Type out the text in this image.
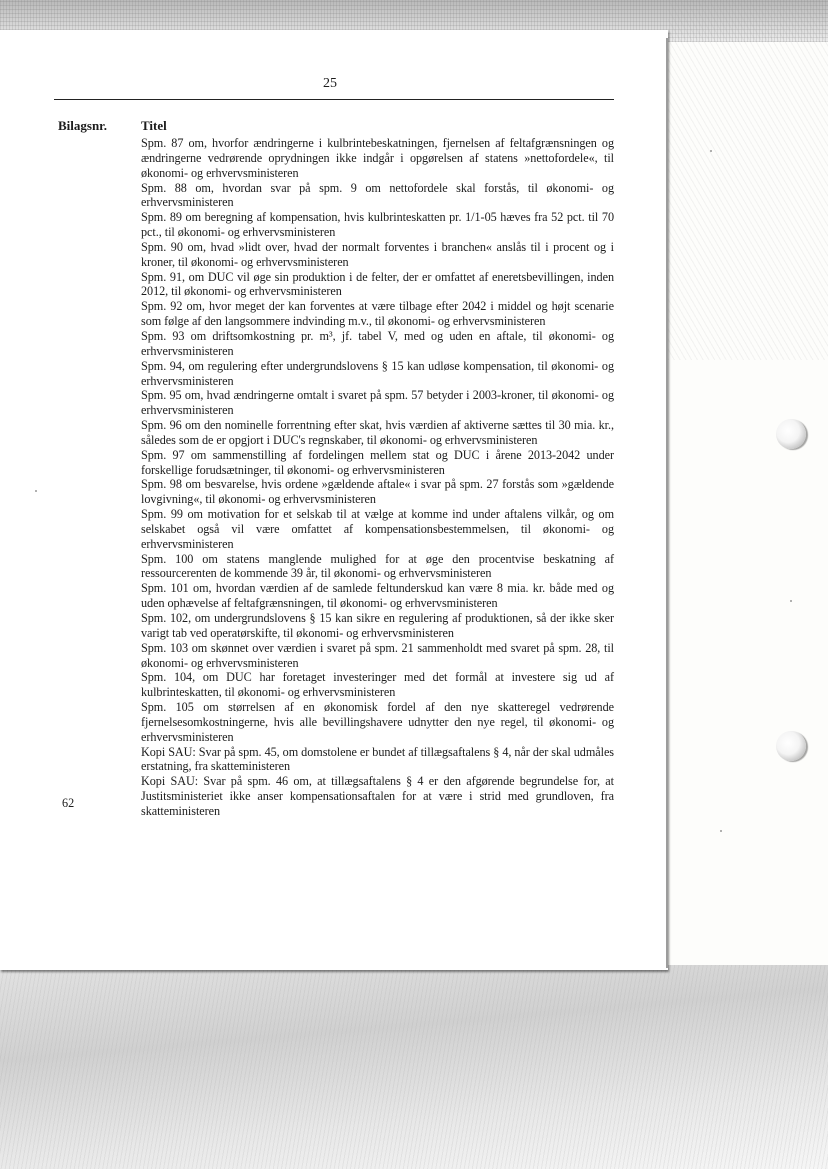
25
Bilagsnr.	Titel

Spm. 87 om, hvorfor ændringerne i kulbrintebeskatningen, fjernelsen af feltafgrænsningen og ændringerne vedrørende oprydningen ikke indgår i opgørelsen af statens »nettofordele«, til økonomi- og erhvervsministeren

Spm. 88 om, hvordan svar på spm. 9 om nettofordele skal forstås, til økonomi- og erhvervsministeren

Spm. 89 om beregning af kompensation, hvis kulbrinteskatten pr. 1/1-05 hæves fra 52 pct. til 70 pct., til økonomi- og erhvervsministeren

Spm. 90 om, hvad »lidt over, hvad der normalt forventes i branchen« anslås til i procent og i kroner, til økonomi- og erhvervsministeren

Spm. 91, om DUC vil øge sin produktion i de felter, der er omfattet af eneretsbevillingen, inden 2012, til økonomi- og erhvervsministeren

Spm. 92 om, hvor meget der kan forventes at være tilbage efter 2042 i middel og højt scenarie som følge af den langsommere indvinding m.v., til økonomi- og erhvervsministeren

Spm. 93 om driftsomkostning pr. m³, jf. tabel V, med og uden en aftale, til økonomi- og erhvervsministeren

Spm. 94, om regulering efter undergrundslovens § 15 kan udløse kompensation, til økonomi- og erhvervsministeren

Spm. 95 om, hvad ændringerne omtalt i svaret på spm. 57 betyder i 2003-kroner, til økonomi- og erhvervsministeren

Spm. 96 om den nominelle forrentning efter skat, hvis værdien af aktiverne sættes til 30 mia. kr., således som de er opgjort i DUC's regnskaber, til økonomi- og erhvervsministeren

Spm. 97 om sammenstilling af fordelingen mellem stat og DUC i årene 2013-2042 under forskellige forudsætninger, til økonomi- og erhvervsministeren

Spm. 98 om besvarelse, hvis ordene »gældende aftale« i svar på spm. 27 forstås som »gældende lovgivning«, til økonomi- og erhvervsministeren

Spm. 99 om motivation for et selskab til at vælge at komme ind under aftalens vilkår, og om selskabet også vil være omfattet af kompensationsbestemmelsen, til økonomi- og erhvervsministeren

Spm. 100 om statens manglende mulighed for at øge den procentvise beskatning af ressourcerenten de kommende 39 år, til økonomi- og erhvervsministeren

Spm. 101 om, hvordan værdien af de samlede feltunderskud kan være 8 mia. kr. både med og uden ophævelse af feltafgrænsningen, til økonomi- og erhvervsministeren

Spm. 102, om undergrundslovens § 15 kan sikre en regulering af produktionen, så der ikke sker varigt tab ved operatørskifte, til økonomi- og erhvervsministeren

Spm. 103 om skønnet over værdien i svaret på spm. 21 sammenholdt med svaret på spm. 28, til økonomi- og erhvervsministeren

Spm. 104, om DUC har foretaget investeringer med det formål at investere sig ud af kulbrinteskatten, til økonomi- og erhvervsministeren

Spm. 105 om størrelsen af en økonomisk fordel af den nye skatteregel vedrørende fjernelsesomkostningerne, hvis alle bevillingshavere udnytter den nye regel, til økonomi- og erhvervsministeren

Kopi SAU: Svar på spm. 45, om domstolene er bundet af tillægsaftalens § 4, når der skal udmåles erstatning, fra skatteministeren

Kopi SAU: Svar på spm. 46 om, at tillægsaftalens § 4 er den afgørende begrundelse for, at Justitsministeriet ikke anser kompensationsaftalen for at være i strid med grundloven, fra skatteministeren

62
